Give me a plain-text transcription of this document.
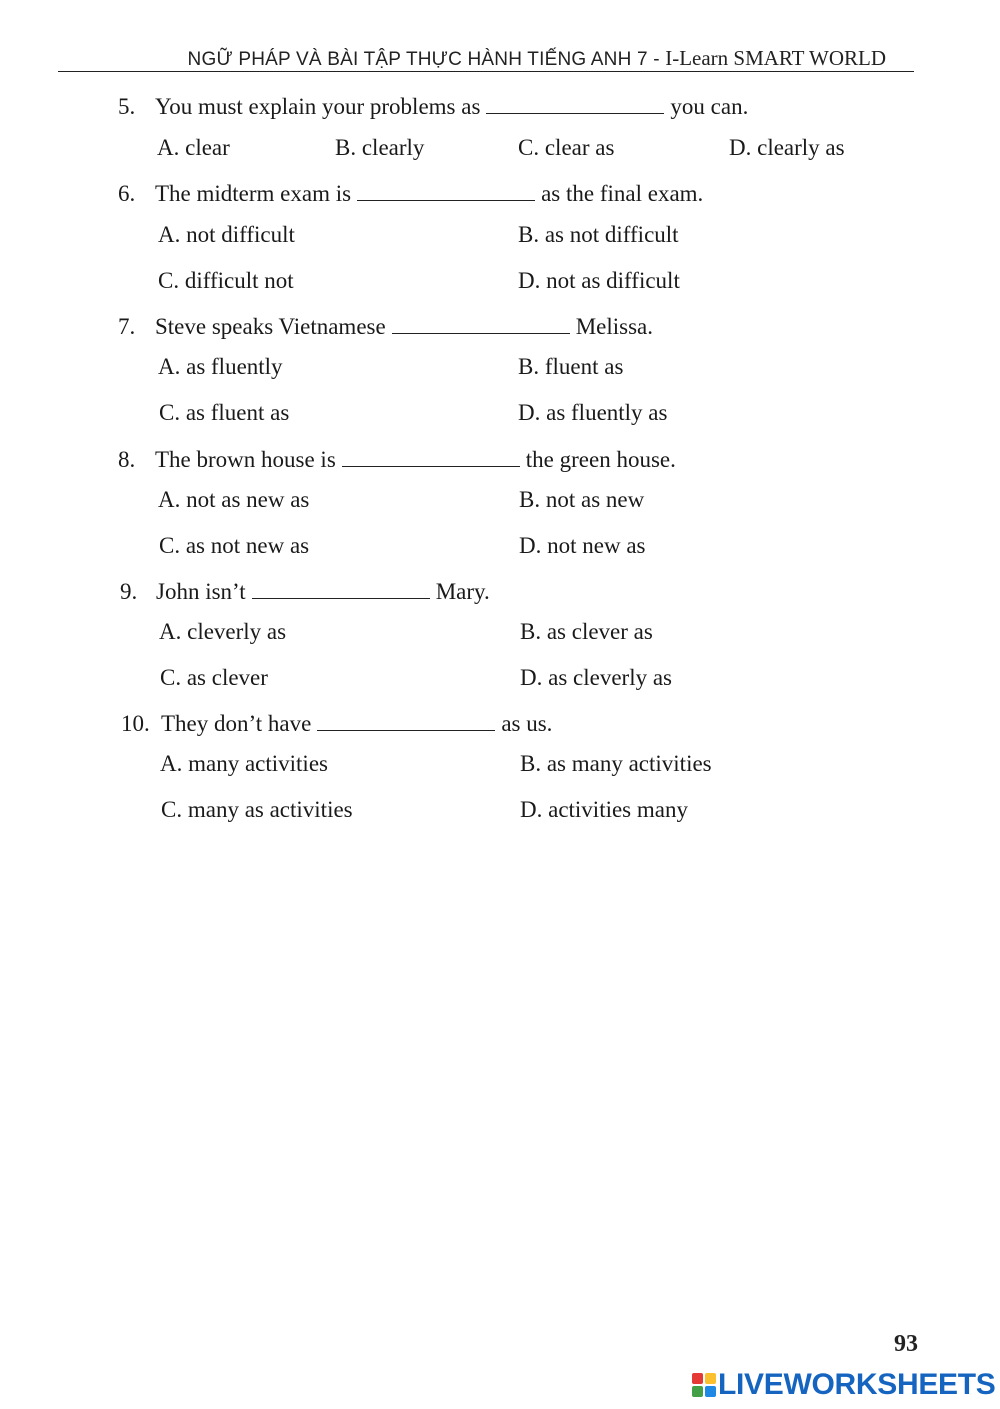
NGỮ PHÁP VÀ BÀI TẬP THỰC HÀNH TIẾNG ANH 7 - I-Learn SMART WORLD
5. You must explain your problems as	you can.
A. clear	B. clearly	C. clear as	D. clearly as
6. The midterm exam is	as the final exam.
A. not difficult	B. as not difficult
C. difficult not	D. not as difficult
7. Steve speaks Vietnamese	Melissa.
A. as fluently	B. fluent as
C. as fluent as	D. as fluently as
8. The brown house is	the green house.
A. not as new as	B. not as new
C. as not new as	D. not new as
9. John isn’t	Mary.
A. cleverly as	B. as clever as
C. as clever	D. as cleverly as
10. They don’t have	as us.
A. many activities	B. as many activities
C. many as activities	D. activities many
93
LIVEWORKSHEETS
